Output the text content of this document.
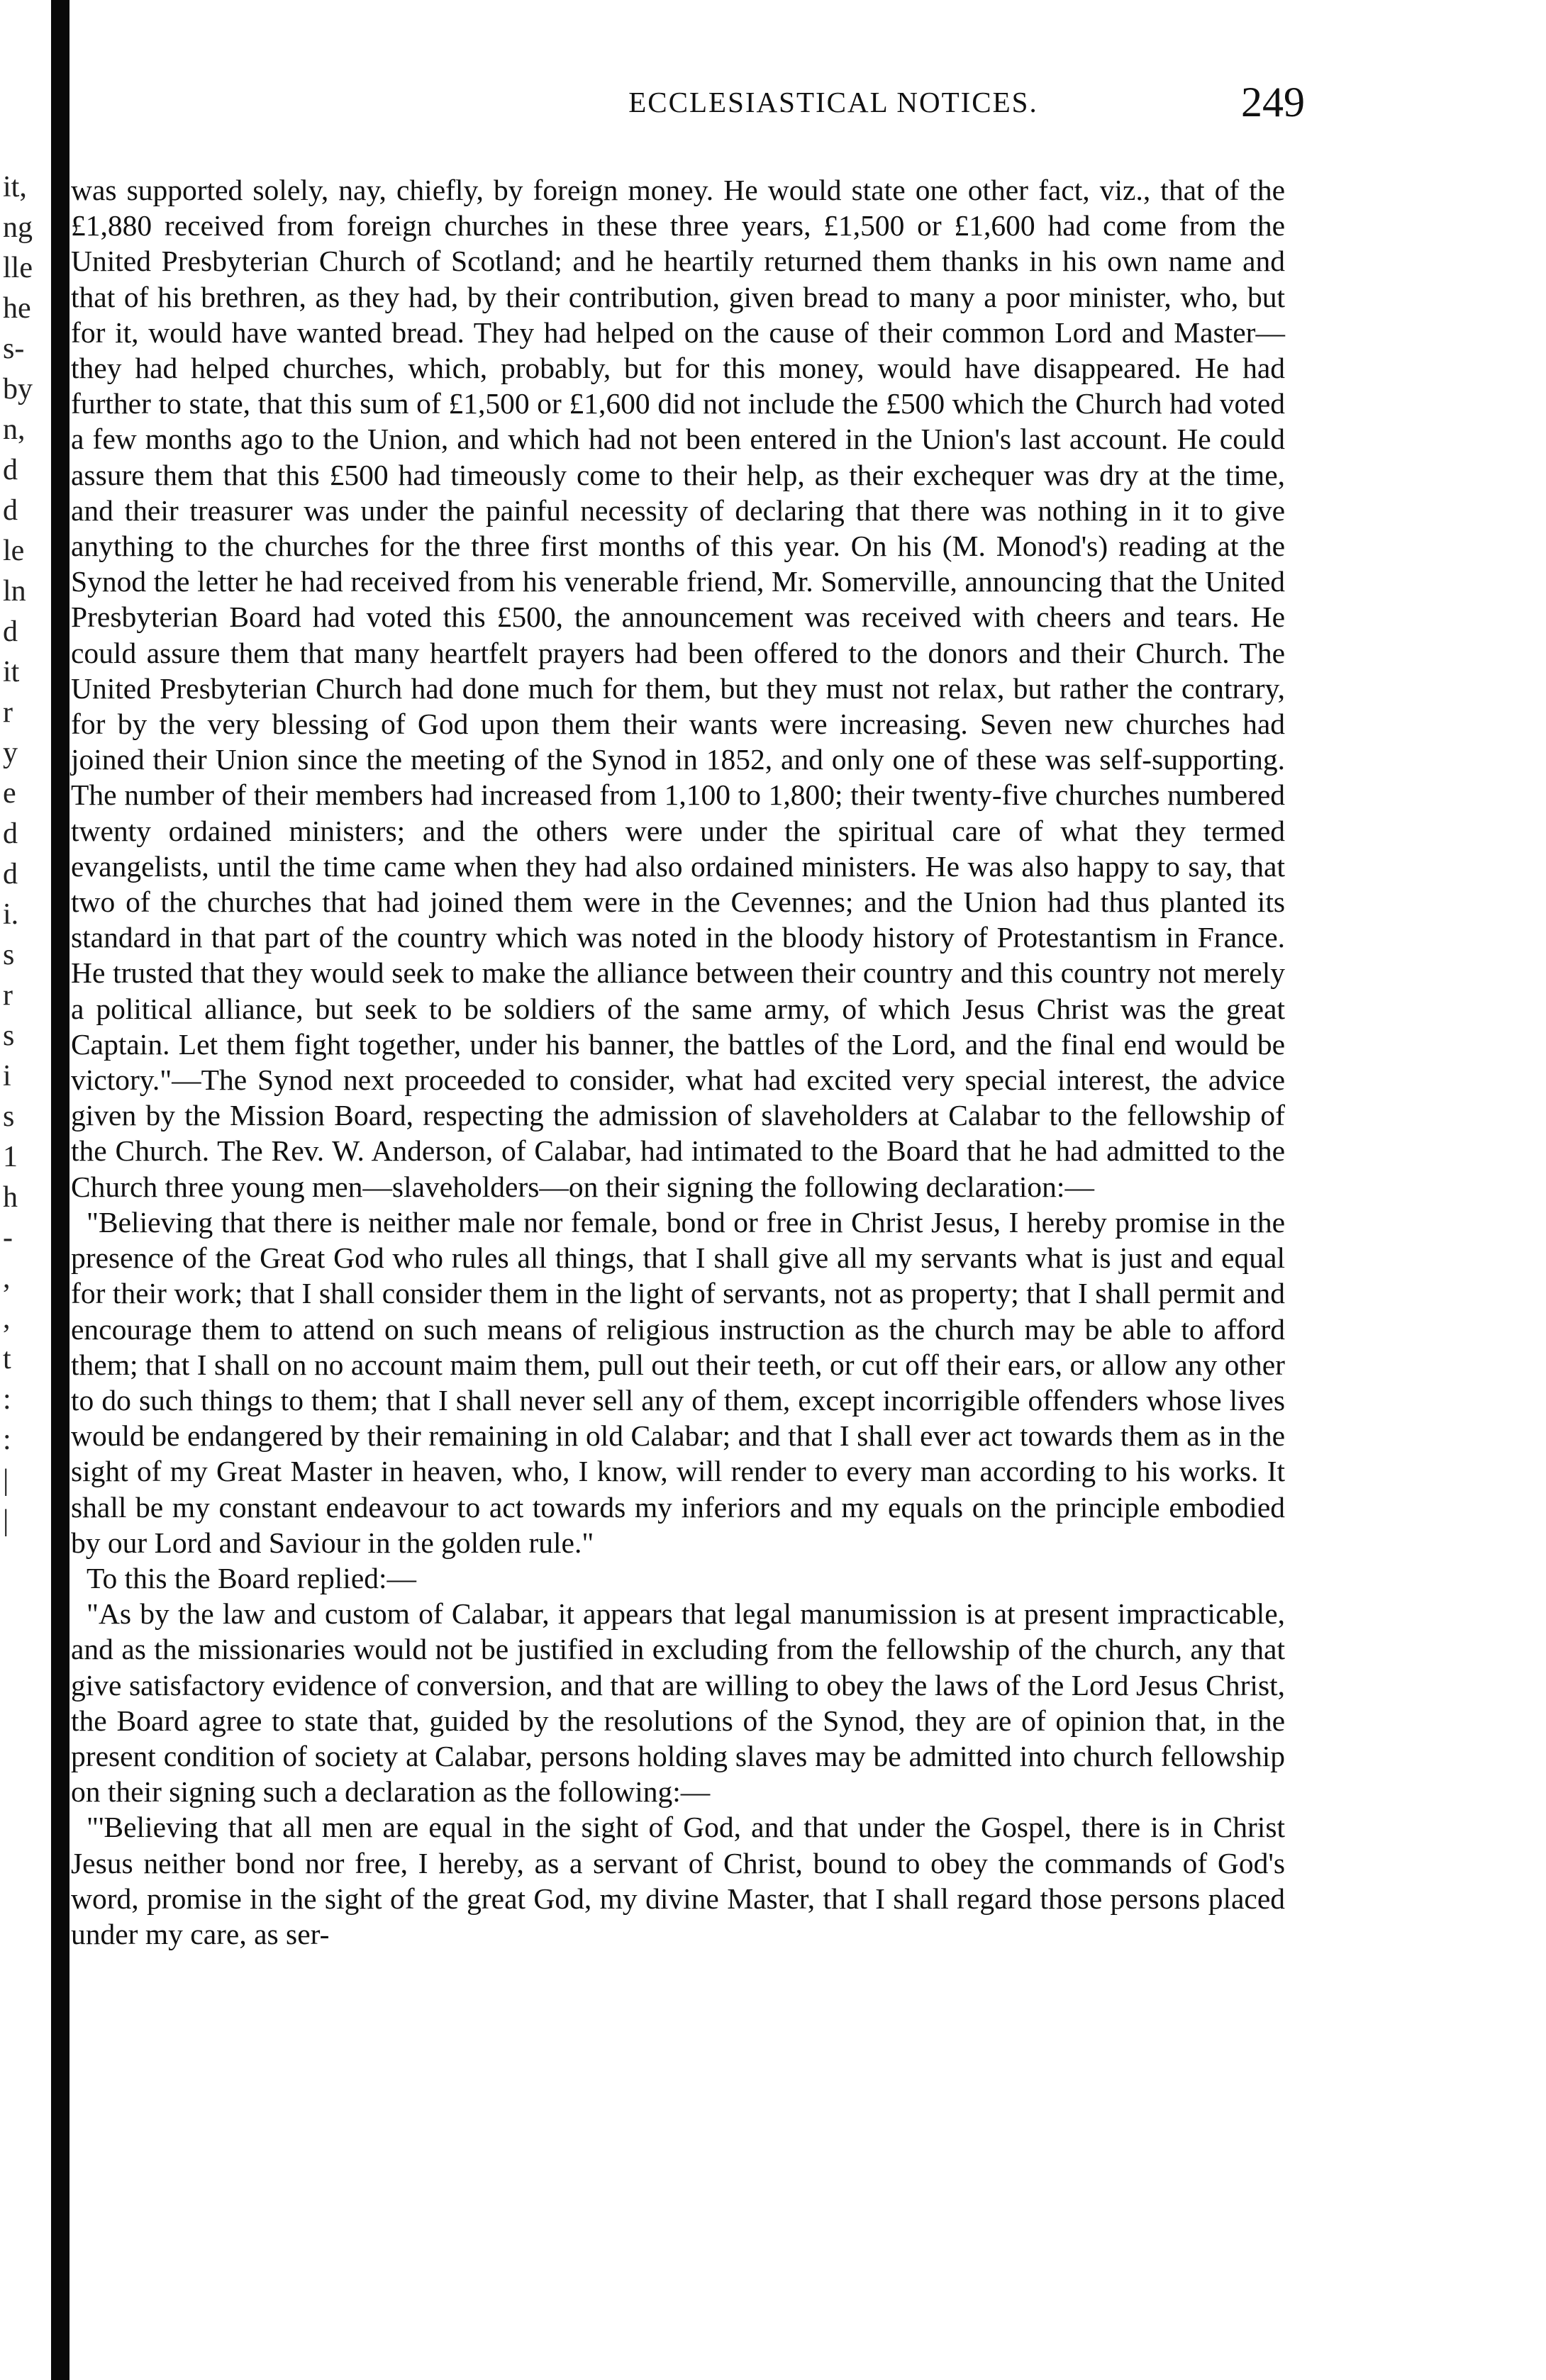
it,
ng
lle
he
s-
by
n,
d
d
le
ln
d
it
r
y
e
d
d
i.
s
r
s
i
s
1
h
-
,
,
t
:
:
|
|
ECCLESIASTICAL NOTICES.	249

was supported solely, nay, chiefly, by foreign money. He would state one other fact, viz., that of the £1,880 received from foreign churches in these three years, £1,500 or £1,600 had come from the United Presbyterian Church of Scotland; and he heartily returned them thanks in his own name and that of his brethren, as they had, by their contribution, given bread to many a poor minister, who, but for it, would have wanted bread. They had helped on the cause of their common Lord and Master—they had helped churches, which, probably, but for this money, would have disappeared. He had further to state, that this sum of £1,500 or £1,600 did not include the £500 which the Church had voted a few months ago to the Union, and which had not been entered in the Union's last account. He could assure them that this £500 had timeously come to their help, as their exchequer was dry at the time, and their treasurer was under the painful necessity of declaring that there was nothing in it to give anything to the churches for the three first months of this year. On his (M. Monod's) reading at the Synod the letter he had received from his venerable friend, Mr. Somerville, announcing that the United Presbyterian Board had voted this £500, the announcement was received with cheers and tears. He could assure them that many heartfelt prayers had been offered to the donors and their Church. The United Presbyterian Church had done much for them, but they must not relax, but rather the contrary, for by the very blessing of God upon them their wants were increasing. Seven new churches had joined their Union since the meeting of the Synod in 1852, and only one of these was self-supporting. The number of their members had increased from 1,100 to 1,800; their twenty-five churches numbered twenty ordained ministers; and the others were under the spiritual care of what they termed evangelists, until the time came when they had also ordained ministers. He was also happy to say, that two of the churches that had joined them were in the Cevennes; and the Union had thus planted its standard in that part of the country which was noted in the bloody history of Protestantism in France. He trusted that they would seek to make the alliance between their country and this country not merely a political alliance, but seek to be soldiers of the same army, of which Jesus Christ was the great Captain. Let them fight together, under his banner, the battles of the Lord, and the final end would be victory."—The Synod next proceeded to consider, what had excited very special interest, the advice given by the Mission Board, respecting the admission of slaveholders at Calabar to the fellowship of the Church. The Rev. W. Anderson, of Calabar, had intimated to the Board that he had admitted to the Church three young men—slaveholders—on their signing the following declaration:—

"Believing that there is neither male nor female, bond or free in Christ Jesus, I hereby promise in the presence of the Great God who rules all things, that I shall give all my servants what is just and equal for their work; that I shall consider them in the light of servants, not as property; that I shall permit and encourage them to attend on such means of religious instruction as the church may be able to afford them; that I shall on no account maim them, pull out their teeth, or cut off their ears, or allow any other to do such things to them; that I shall never sell any of them, except incorrigible offenders whose lives would be endangered by their remaining in old Calabar; and that I shall ever act towards them as in the sight of my Great Master in heaven, who, I know, will render to every man according to his works. It shall be my constant endeavour to act towards my inferiors and my equals on the principle embodied by our Lord and Saviour in the golden rule."

To this the Board replied:—

"As by the law and custom of Calabar, it appears that legal manumission is at present impracticable, and as the missionaries would not be justified in excluding from the fellowship of the church, any that give satisfactory evidence of conversion, and that are willing to obey the laws of the Lord Jesus Christ, the Board agree to state that, guided by the resolutions of the Synod, they are of opinion that, in the present condition of society at Calabar, persons holding slaves may be admitted into church fellowship on their signing such a declaration as the following:—

"'Believing that all men are equal in the sight of God, and that under the Gospel, there is in Christ Jesus neither bond nor free, I hereby, as a servant of Christ, bound to obey the commands of God's word, promise in the sight of the great God, my divine Master, that I shall regard those persons placed under my care, as ser-
